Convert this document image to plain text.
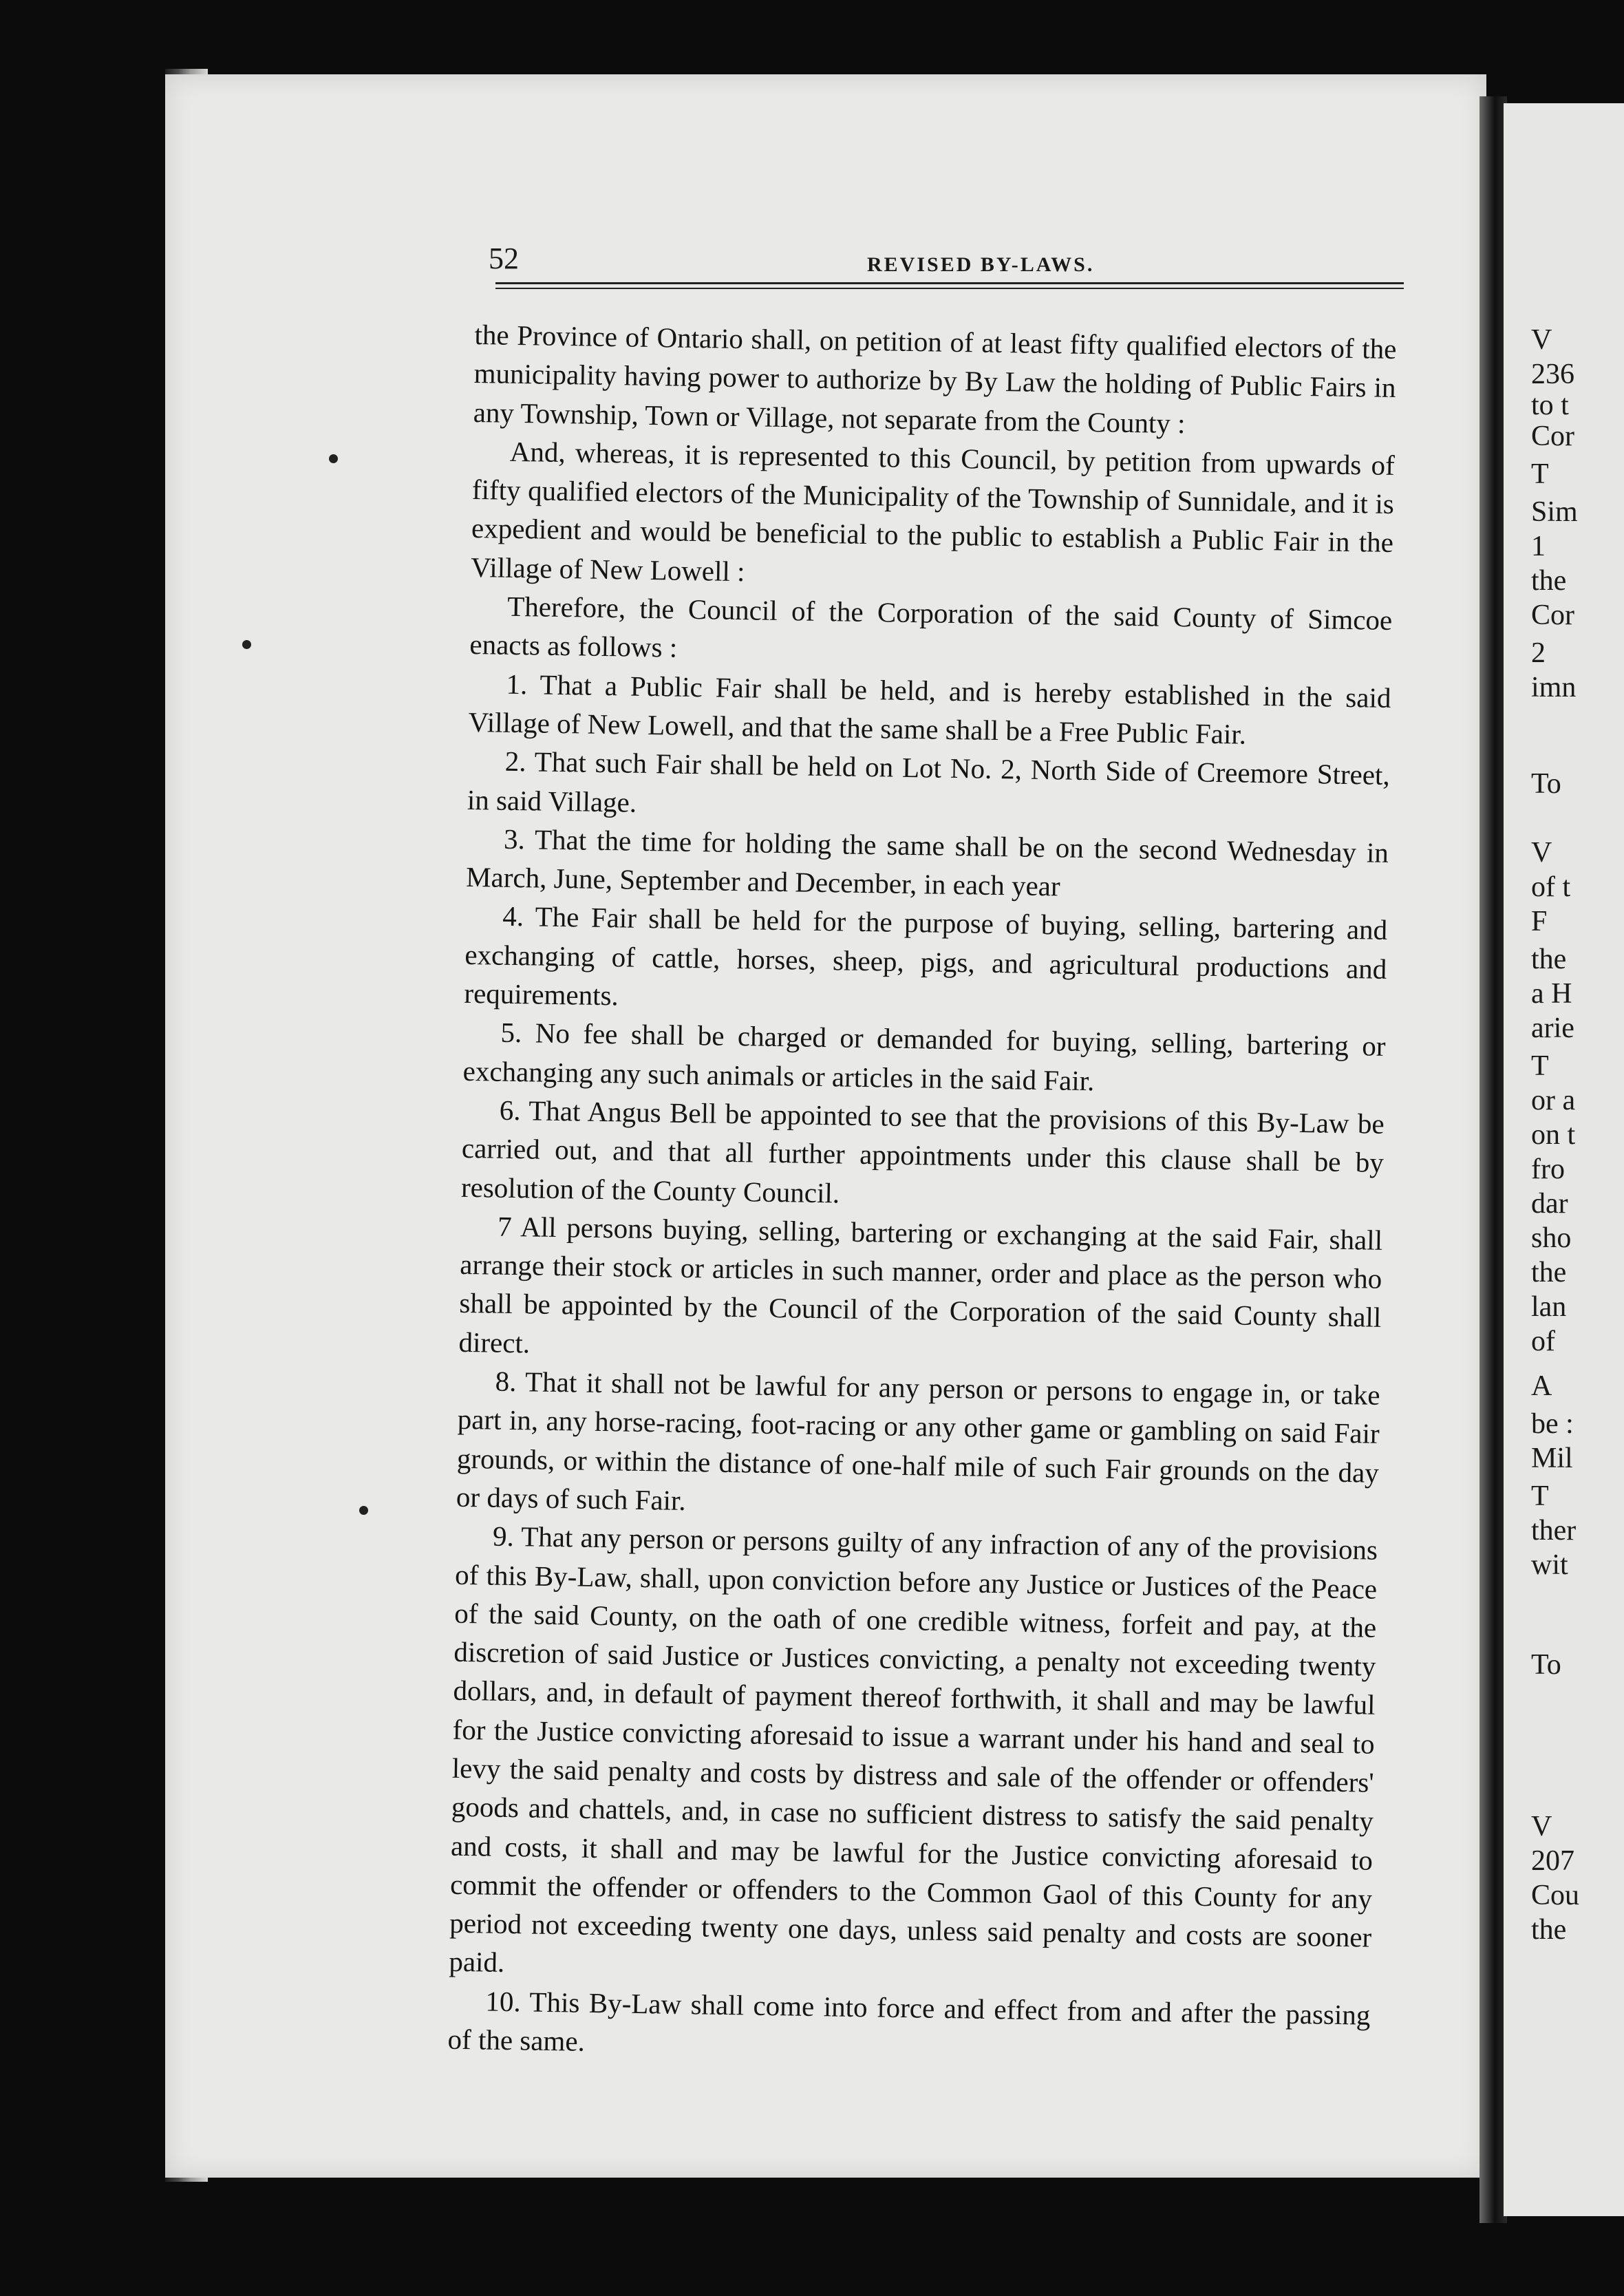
V
236
to t
Cor
T
Sim
1
the
Cor
2
imn
To
V
of t
F
the
a H
arie
T
or a
on t
fro
dar
sho
the
lan
of
A
be :
Mil
T
ther
wit
To
V
207
Cou
the
52	REVISED BY-LAWS.

the Province of Ontario shall, on petition of at least fifty qualified electors of the municipality having power to authorize by By Law the holding of Public Fairs in any Township, Town or Village, not separate from the County :

And, whereas, it is represented to this Council, by petition from upwards of fifty qualified electors of the Municipality of the Township of Sunnidale, and it is expedient and would be beneficial to the public to establish a Public Fair in the Village of New Lowell :

Therefore, the Council of the Corporation of the said County of Simcoe enacts as follows :

1. That a Public Fair shall be held, and is hereby established in the said Village of New Lowell, and that the same shall be a Free Public Fair.

2. That such Fair shall be held on Lot No. 2, North Side of Creemore Street, in said Village.

3. That the time for holding the same shall be on the second Wednesday in March, June, September and December, in each year

4. The Fair shall be held for the purpose of buying, selling, bartering and exchanging of cattle, horses, sheep, pigs, and agricultural productions and requirements.

5. No fee shall be charged or demanded for buying, selling, bartering or exchanging any such animals or articles in the said Fair.

6. That Angus Bell be appointed to see that the provisions of this By-Law be carried out, and that all further appointments under this clause shall be by resolution of the County Council.

7 All persons buying, selling, bartering or exchanging at the said Fair, shall arrange their stock or articles in such manner, order and place as the person who shall be appointed by the Council of the Corporation of the said County shall direct.

8. That it shall not be lawful for any person or persons to engage in, or take part in, any horse-racing, foot-racing or any other game or gambling on said Fair grounds, or within the distance of one-half mile of such Fair grounds on the day or days of such Fair.

9. That any person or persons guilty of any infraction of any of the provisions of this By-Law, shall, upon conviction before any Justice or Justices of the Peace of the said County, on the oath of one credible witness, forfeit and pay, at the discretion of said Justice or Justices convicting, a penalty not exceeding twenty dollars, and, in default of payment thereof forthwith, it shall and may be lawful for the Justice convicting aforesaid to issue a warrant under his hand and seal to levy the said penalty and costs by distress and sale of the offender or offenders' goods and chattels, and, in case no sufficient distress to satisfy the said penalty and costs, it shall and may be lawful for the Justice convicting aforesaid to commit the offender or offenders to the Common Gaol of this County for any period not exceeding twenty one days, unless said penalty and costs are sooner paid.

10. This By-Law shall come into force and effect from and after the passing of the same.
